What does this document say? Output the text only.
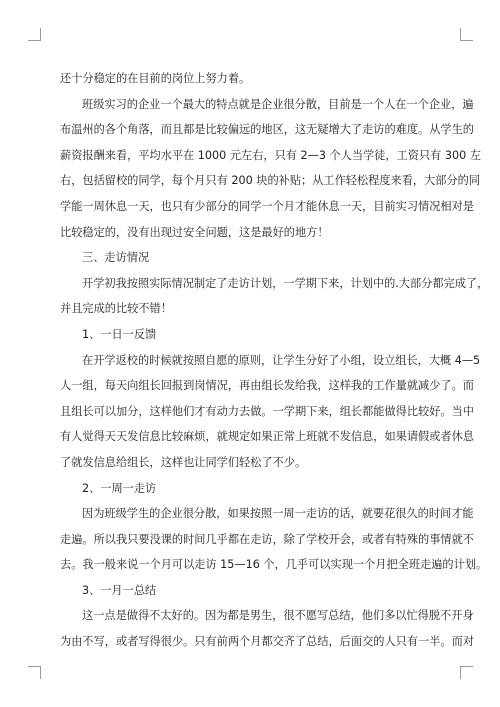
还十分稳定的在目前的岗位上努力着。
班级实习的企业一个最大的特点就是企业很分散，目前是一个人在一个企业，遍
布温州的各个角落，而且都是比较偏远的地区，这无疑增大了走访的难度。从学生的
薪资报酬来看，平均水平在 1000 元左右，只有 2—3 个人当学徒，工资只有 300 左
右，包括留校的同学，每个月只有 200 块的补贴；从工作轻松程度来看，大部分的同
学能一周休息一天，也只有少部分的同学一个月才能休息一天，目前实习情况相对是
比较稳定的，没有出现过安全问题，这是最好的地方！
三、走访情况
开学初我按照实际情况制定了走访计划，一学期下来，计划中的.大部分都完成了，
并且完成的比较不错！
1、一日一反馈
在开学返校的时候就按照自愿的原则，让学生分好了小组，设立组长，大概 4—5
人一组，每天向组长回报到岗情况，再由组长发给我，这样我的工作量就减少了。而
且组长可以加分，这样他们才有动力去做。一学期下来，组长都能做得比较好。当中
有人觉得天天发信息比较麻烦，就规定如果正常上班就不发信息，如果请假或者休息
了就发信息给组长，这样也让同学们轻松了不少。
2、一周一走访
因为班级学生的企业很分散，如果按照一周一走访的话，就要花很久的时间才能
走遍。所以我只要没课的时间几乎都在走访，除了学校开会，或者有特殊的事情就不
去。我一般来说一个月可以走访 15—16 个，几乎可以实现一个月把全班走遍的计划。
3、一月一总结
这一点是做得不太好的。因为都是男生，很不愿写总结，他们多以忙得脱不开身
为由不写，或者写得很少。只有前两个月都交齐了总结，后面交的人只有一半。而对
